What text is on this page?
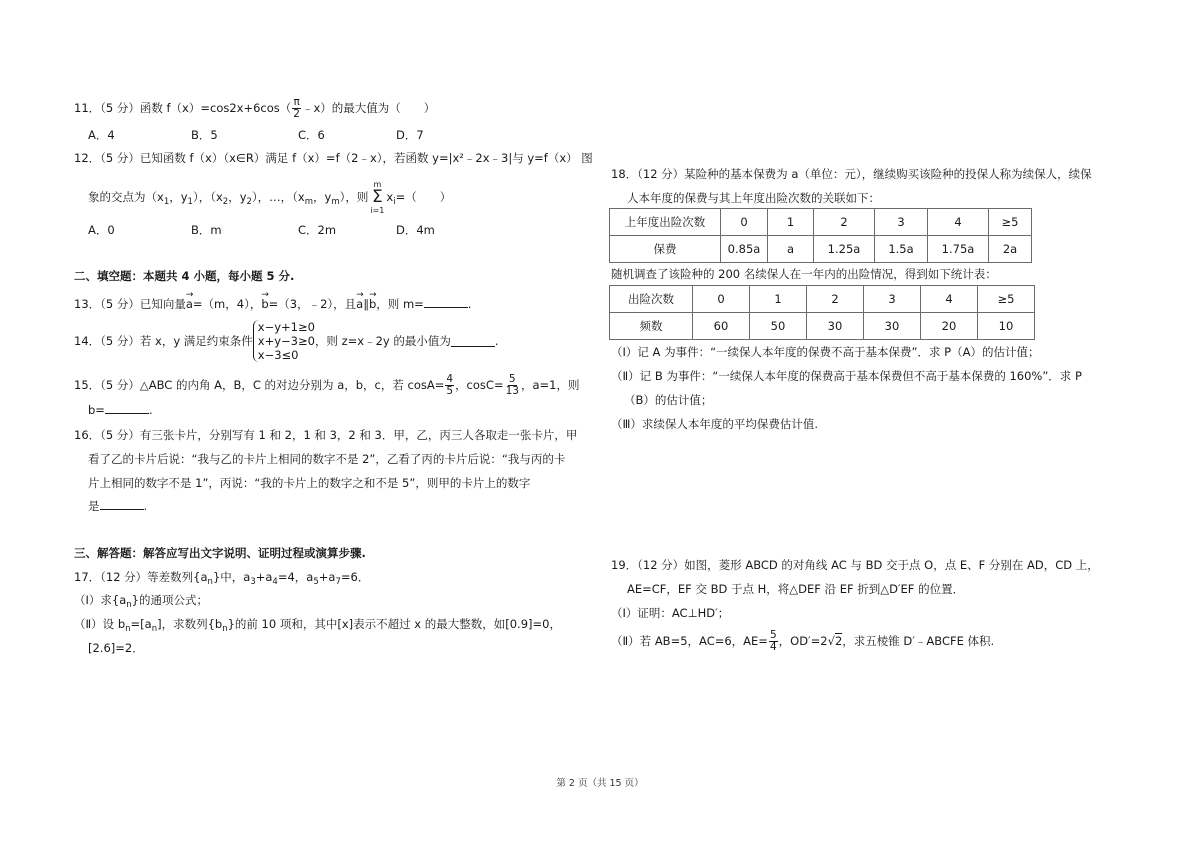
11．（5 分）函数 $f(x)=\cos 2x+6\cos( \frac{\pi}{2}$ ﹣x）的最大值为（　　）
A．4	B．5	C．6	D．7
12．（5 分）已知函数 f（x）（x∈R）满足 f（x）=f（2﹣x），若函数 y=|x²﹣2x﹣3|与 y=f（x） 图
象的交点为（$x_1$，$y_1$），（$x_2$，$y_2$），…，（$x_m$，$y_m$），则
m
Σ
i=1
$x_i=$（　　）
A．0	B．m	C．2m	D．4m
二、填空题：本题共 4 小题，每小题 5 分.
13．（5 分）已知向量→ a=（m，4），→ b=（3，﹣2），且→ a∥→ b，则 m=	.
14．（5 分）若 x，y 满足约束条件
x−y+1≥0
x+y−3≥0
x−3≤0
，则 z=x﹣2y 的最小值为	.
15．（5 分）△ABC 的内角 A，B，C 的对边分别为 a，b，c，若 $\cos A= \frac{4}{5}$ ，$\cos C= \frac{5}{13}$ ，a=1，则
b=	.
16．（5 分）有三张卡片，分别写有 1 和 2，1 和 3，2 和 3．甲，乙，丙三人各取走一张卡片，甲
看了乙的卡片后说：“我与乙的卡片上相同的数字不是 2”，乙看了丙的卡片后说：“我与丙的卡
片上相同的数字不是 1”，丙说：“我的卡片上的数字之和不是 5”，则甲的卡片上的数字
是	.
三、解答题：解答应写出文字说明、证明过程或演算步骤.
17．（12 分）等差数列$\{a_n\}$中，$a_3+a_4=4$，$a_5+a_7=6$．
（Ⅰ）求$\{a_n\}$的通项公式；
（Ⅱ）设 $b_n=[a_n]$，求数列$\{b_n\}$的前 10 项和，其中[x]表示不超过 x 的最大整数，如[0.9]=0，
[2.6]=2．
18．（12 分）某险种的基本保费为 a（单位：元），继续购买该险种的投保人称为续保人，续保
人本年度的保费与其上年度出险次数的关联如下：
上年度出险次数	0	1	2	3	4	≥5
保费	0.85a	a	1.25a	1.5a	1.75a	2a
随机调查了该险种的 200 名续保人在一年内的出险情况，得到如下统计表：
出险次数	0	1	2	3	4	≥5
频数	60	50	30	30	20	10
（Ⅰ）记 A 为事件：“一续保人本年度的保费不高于基本保费”．求 P（A）的估计值；
（Ⅱ）记 B 为事件：“一续保人本年度的保费高于基本保费但不高于基本保费的 160%”．求 P
（B）的估计值；
（Ⅲ）求续保人本年度的平均保费估计值.
19．（12 分）如图，菱形 ABCD 的对角线 AC 与 BD 交于点 O，点 E、F 分别在 AD，CD 上，
AE=CF，EF 交 BD 于点 H，将△DEF 沿 EF 折到△D′EF 的位置．
（Ⅰ）证明：AC⊥HD′；
（Ⅱ）若 AB=5，AC=6，$AE= \frac{5}{4}$ ，OD′=2√2，求五棱锥 D′﹣ABCFE 体积.
第 2 页（共 15 页）
